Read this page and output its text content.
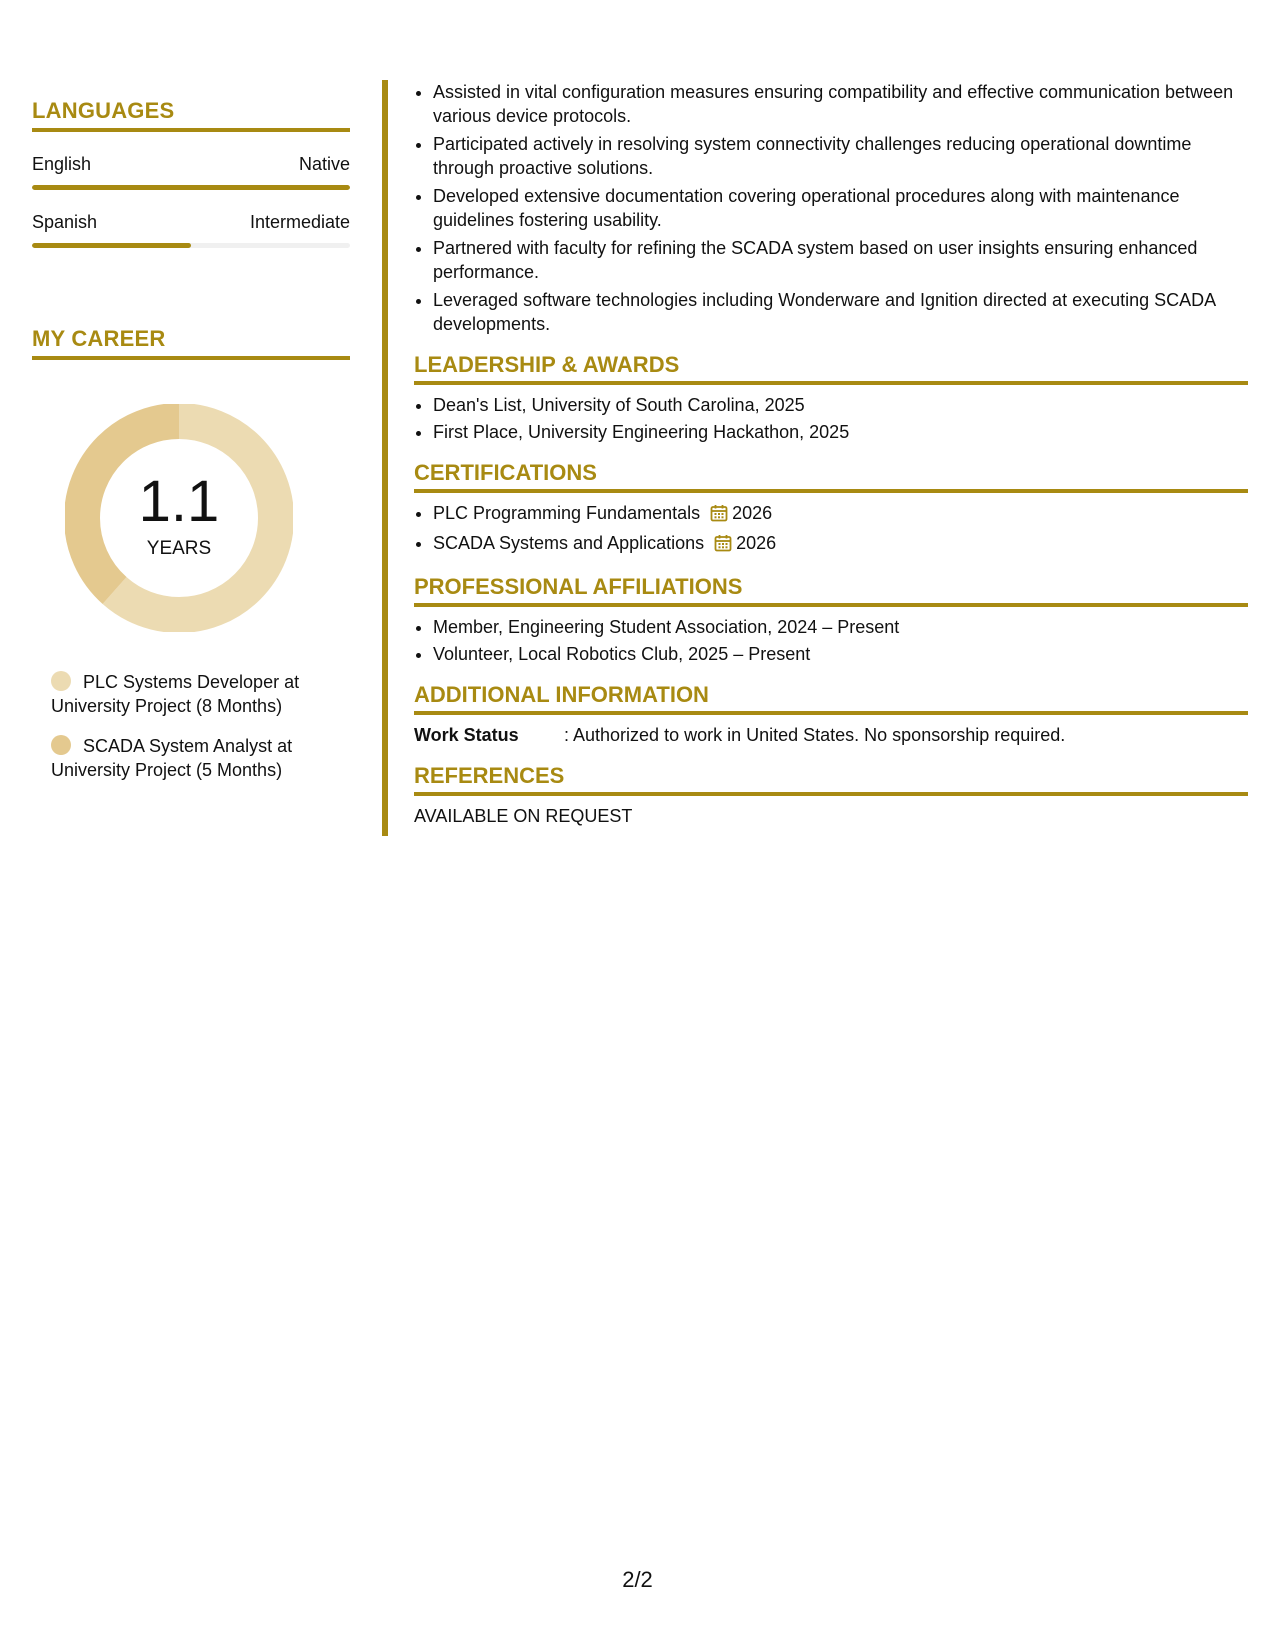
LANGUAGES
English	Native
Spanish	Intermediate
MY CAREER
1.1
YEARS
PLC Systems Developer at University Project (8 Months)
SCADA System Analyst at University Project (5 Months)
• Assisted in vital configuration measures ensuring compatibility and effective communication between various device protocols.
• Participated actively in resolving system connectivity challenges reducing operational downtime through proactive solutions.
• Developed extensive documentation covering operational procedures along with maintenance guidelines fostering usability.
• Partnered with faculty for refining the SCADA system based on user insights ensuring enhanced performance.
• Leveraged software technologies including Wonderware and Ignition directed at executing SCADA developments.
LEADERSHIP & AWARDS
• Dean's List, University of South Carolina, 2025
• First Place, University Engineering Hackathon, 2025
CERTIFICATIONS
• PLC Programming Fundamentals 2026
• SCADA Systems and Applications 2026
PROFESSIONAL AFFILIATIONS
• Member, Engineering Student Association, 2024 – Present
• Volunteer, Local Robotics Club, 2025 – Present
ADDITIONAL INFORMATION
Work Status	: Authorized to work in United States. No sponsorship required.
REFERENCES
AVAILABLE ON REQUEST
2/2
